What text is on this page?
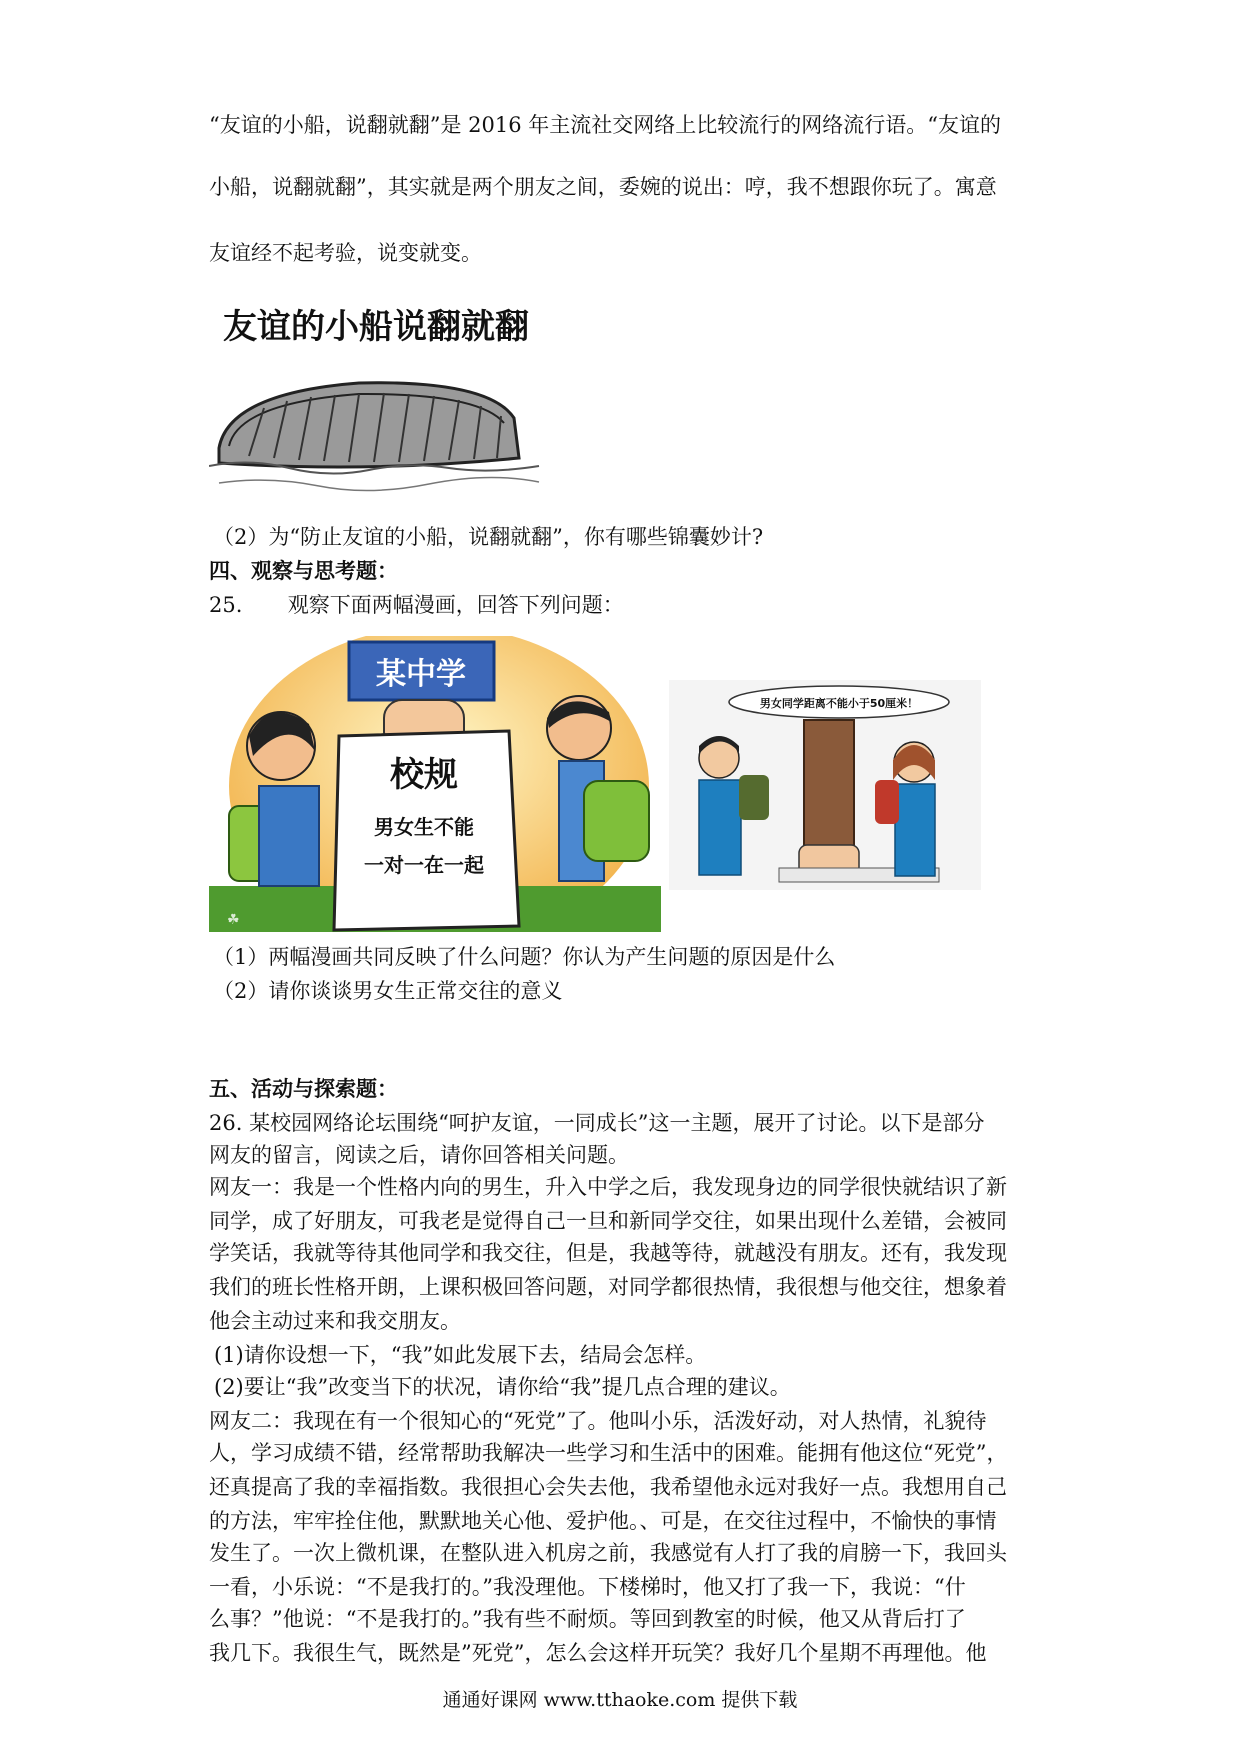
“友谊的小船，说翻就翻”是 2016 年主流社交网络上比较流行的网络流行语。“友谊的
小船，说翻就翻”，其实就是两个朋友之间，委婉的说出：哼，我不想跟你玩了。寓意
友谊经不起考验，说变就变。
友谊的小船说翻就翻
（2）为“防止友谊的小船，说翻就翻”，你有哪些锦囊妙计?
四、观察与思考题：
25. 观察下面两幅漫画，回答下列问题：
某中学
校规
男女生不能
一对一在一起
☘
男女同学距离不能小于50厘米！
（1）两幅漫画共同反映了什么问题？你认为产生问题的原因是什么
（2）请你谈谈男女生正常交往的意义
五、活动与探索题：
26. 某校园网络论坛围绕“呵护友谊，一同成长”这一主题，展开了讨论。以下是部分
网友的留言，阅读之后，请你回答相关问题。
网友一：我是一个性格内向的男生，升入中学之后，我发现身边的同学很快就结识了新
同学，成了好朋友，可我老是觉得自己一旦和新同学交往，如果出现什么差错，会被同
学笑话，我就等待其他同学和我交往，但是，我越等待，就越没有朋友。还有，我发现
我们的班长性格开朗，上课积极回答问题，对同学都很热情，我很想与他交往，想象着
他会主动过来和我交朋友。
(1)请你设想一下，“我”如此发展下去，结局会怎样。
(2)要让“我”改变当下的状况，请你给“我”提几点合理的建议。
网友二：我现在有一个很知心的“死党”了。他叫小乐，活泼好动，对人热情，礼貌待
人，学习成绩不错，经常帮助我解决一些学习和生活中的困难。能拥有他这位“死党”，
还真提高了我的幸福指数。我很担心会失去他，我希望他永远对我好一点。我想用自己
的方法，牢牢拴住他，默默地关心他、爱护他。、可是，在交往过程中，不愉快的事情
发生了。一次上微机课，在整队进入机房之前，我感觉有人打了我的肩膀一下，我回头
一看，小乐说：“不是我打的。”我没理他。下楼梯时，他又打了我一下，我说：“什
么事？”他说：“不是我打的。”我有些不耐烦。等回到教室的时候，他又从背后打了
我几下。我很生气，既然是”死党”，怎么会这样开玩笑？我好几个星期不再理他。他
通通好课网 www.tthaoke.com 提供下载
